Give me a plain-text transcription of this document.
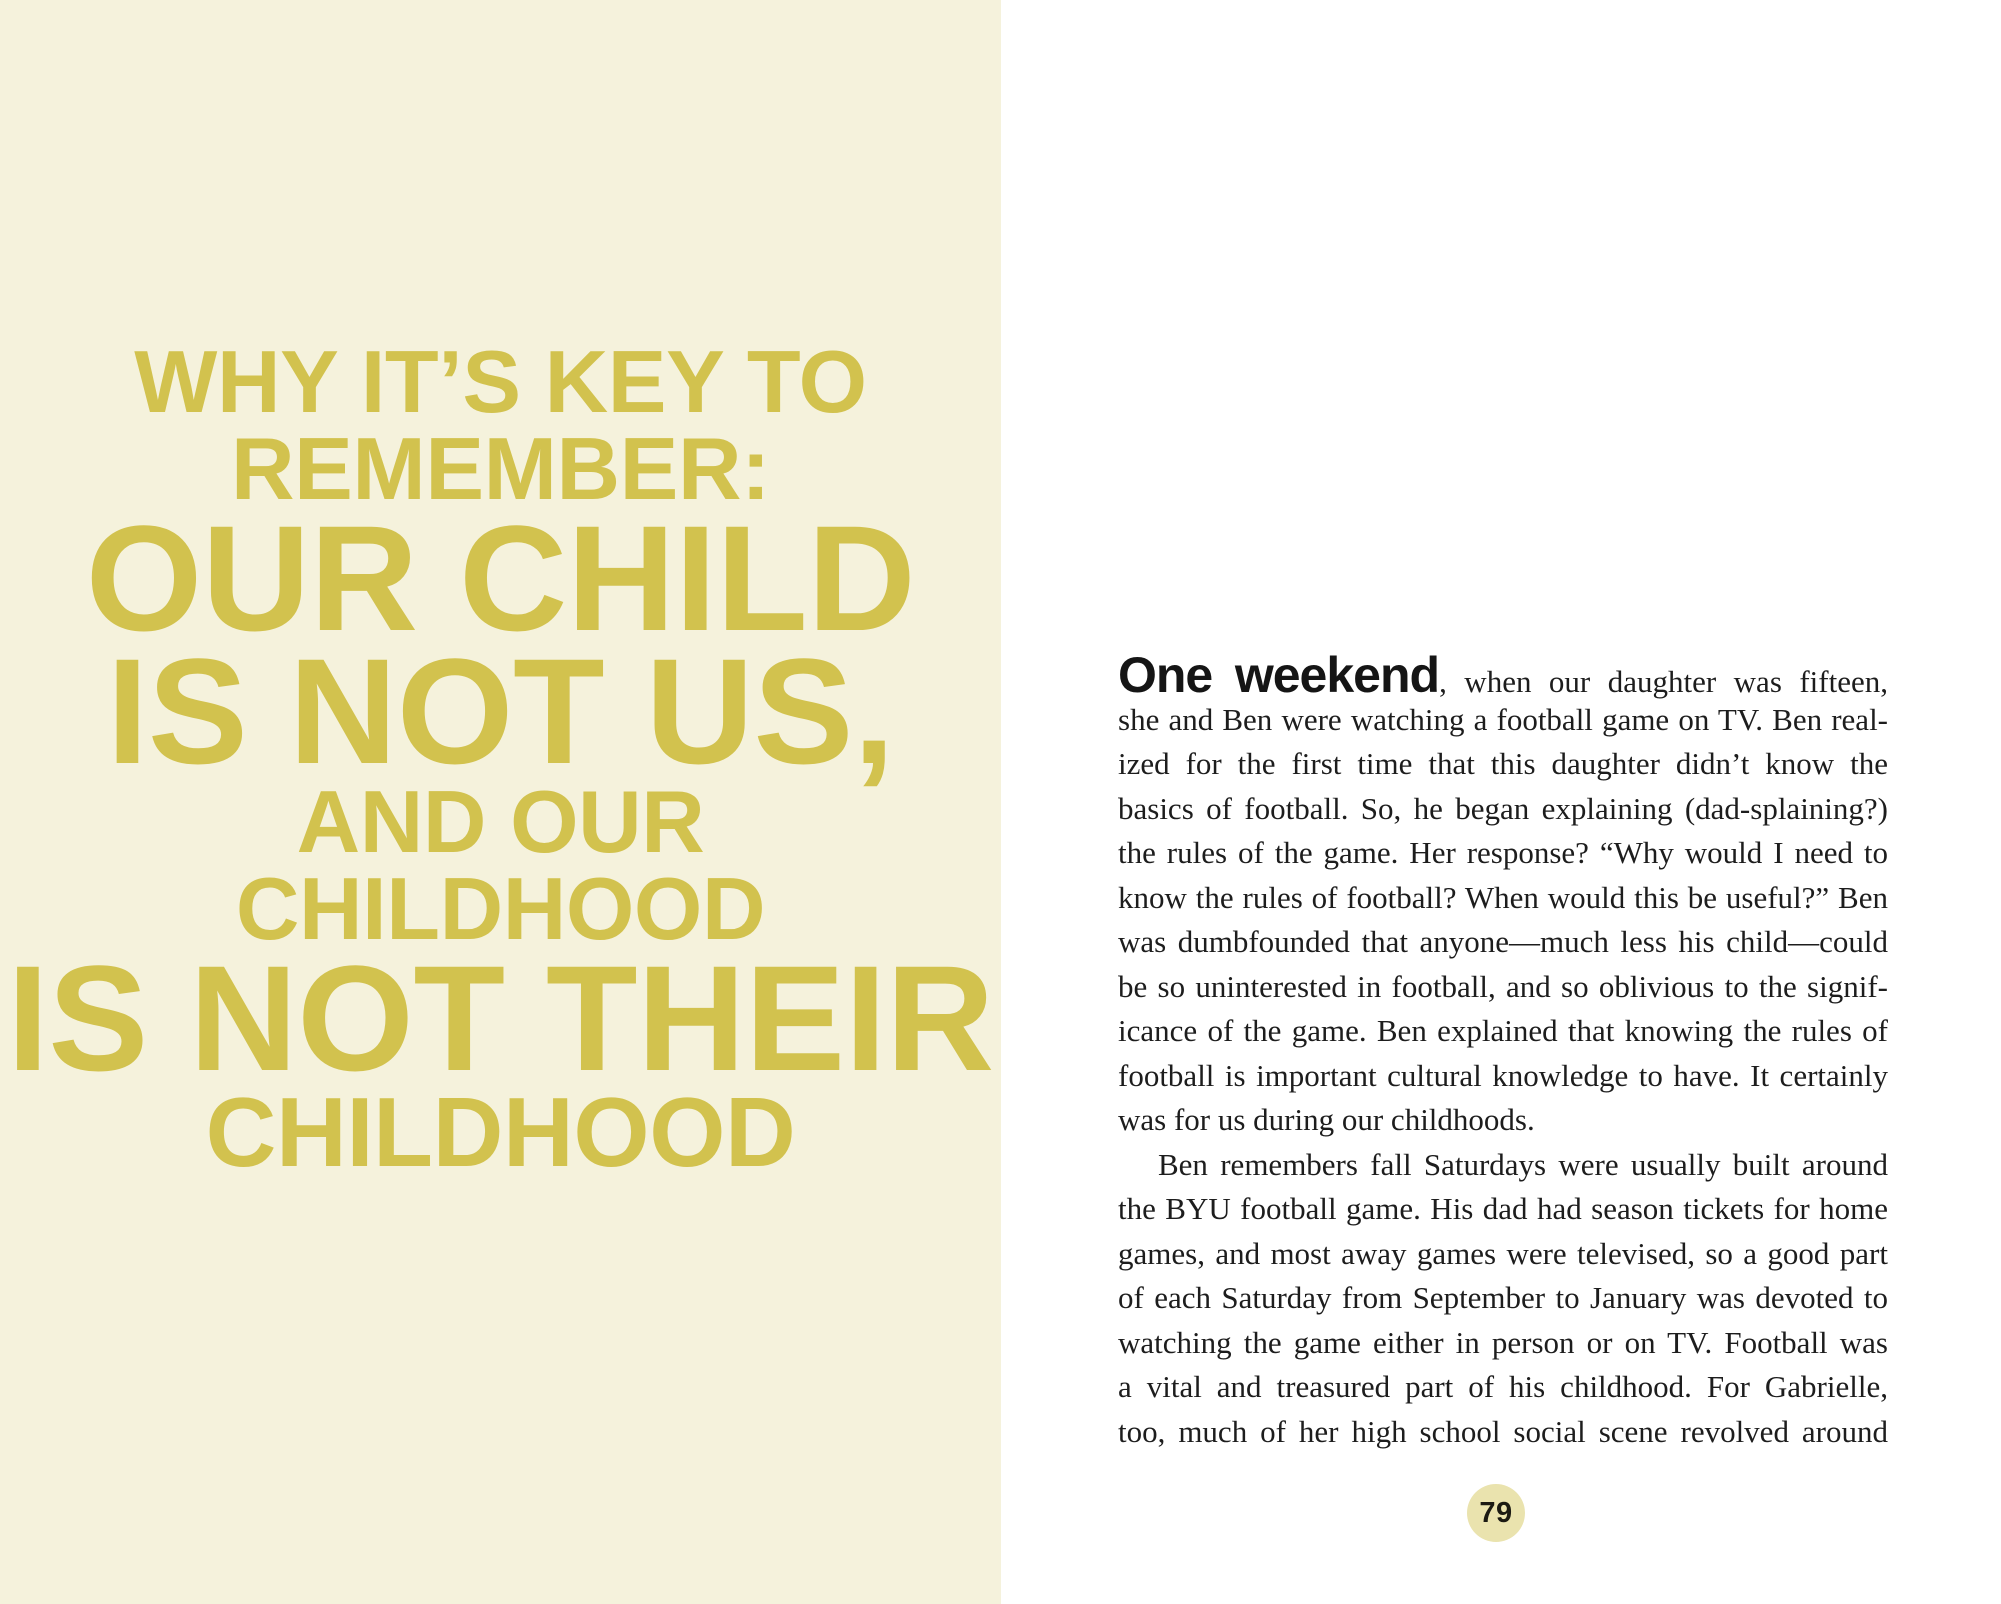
WHY IT’S KEY TO
REMEMBER:
OUR CHILD
IS NOT US,
AND OUR
CHILDHOOD
IS NOT THEIR
CHILDHOOD
One weekend, when our daughter was fifteen,
she and Ben were watching a football game on TV. Ben real-
ized for the first time that this daughter didn’t know the
basics of football. So, he began explaining (dad-splaining?)
the rules of the game. Her response? “Why would I need to
know the rules of football? When would this be useful?” Ben
was dumbfounded that anyone—much less his child—could
be so uninterested in football, and so oblivious to the signif-
icance of the game. Ben explained that knowing the rules of
football is important cultural knowledge to have. It certainly
was for us during our childhoods.
Ben remembers fall Saturdays were usually built around
the BYU football game. His dad had season tickets for home
games, and most away games were televised, so a good part
of each Saturday from September to January was devoted to
watching the game either in person or on TV. Football was
a vital and treasured part of his childhood. For Gabrielle,
too, much of her high school social scene revolved around
79
